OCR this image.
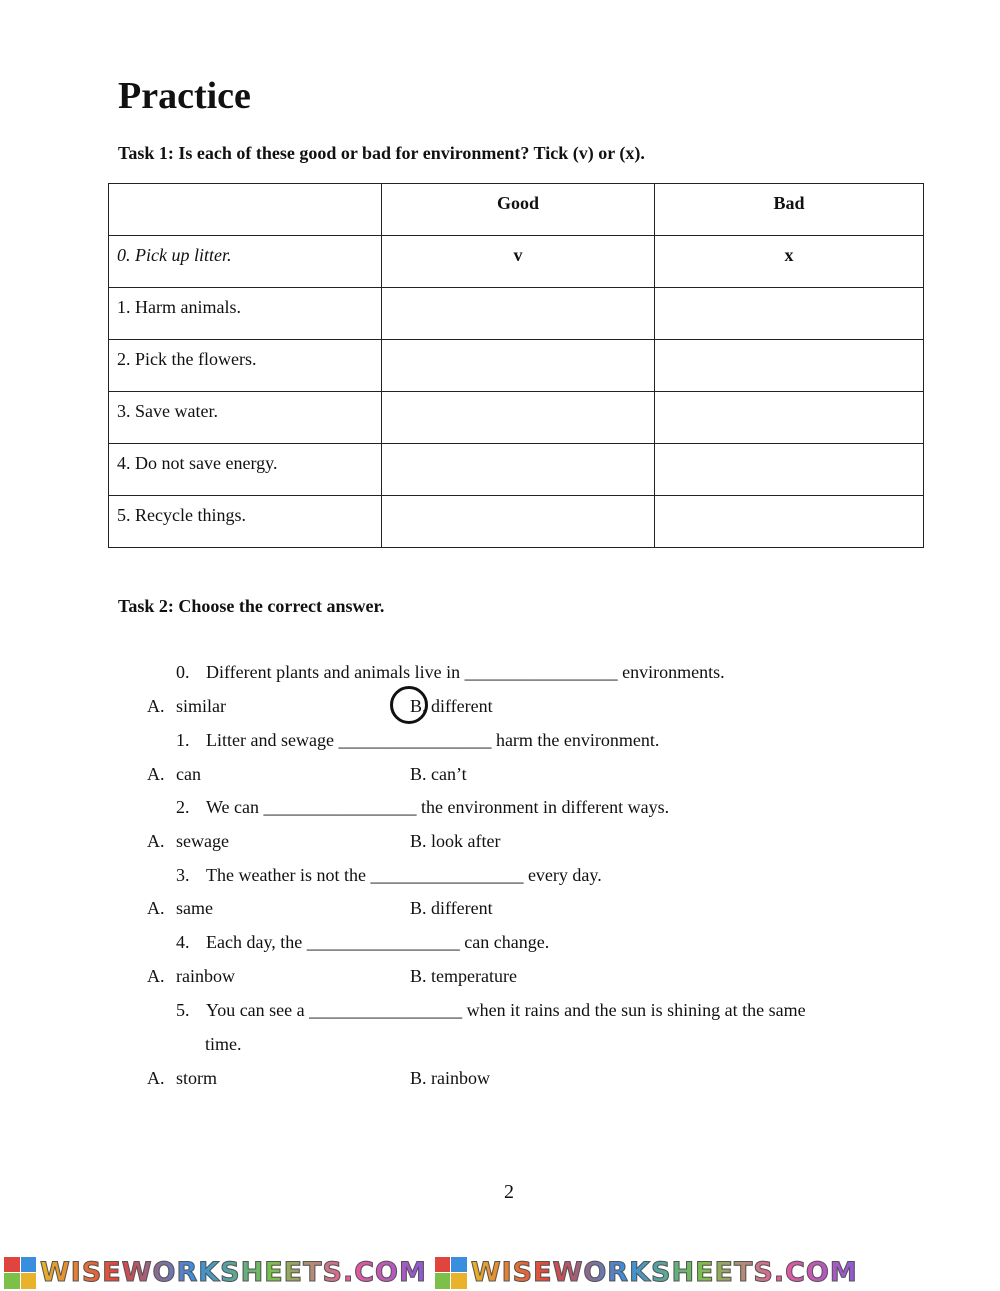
Practice

Task 1: Is each of these good or bad for environment? Tick (v) or (x).

	Good	Bad
0. Pick up litter.	v	x
1. Harm animals.		
2. Pick the flowers.		
3. Save water.		
4. Do not save energy.		
5. Recycle things.		

Task 2: Choose the correct answer.

0. Different plants and animals live in _________________ environments.
A. similar	B. different
1. Litter and sewage _________________ harm the environment.
A. can	B. can’t
2. We can _________________ the environment in different ways.
A. sewage	B. look after
3. The weather is not the _________________ every day.
A. same	B. different
4. Each day, the _________________ can change.
A. rainbow	B. temperature
5. You can see a _________________ when it rains and the sun is shining at the same
time.
A. storm	B. rainbow
2
WISEWORKSHEETS.COM WISEWORKSHEETS.COM
